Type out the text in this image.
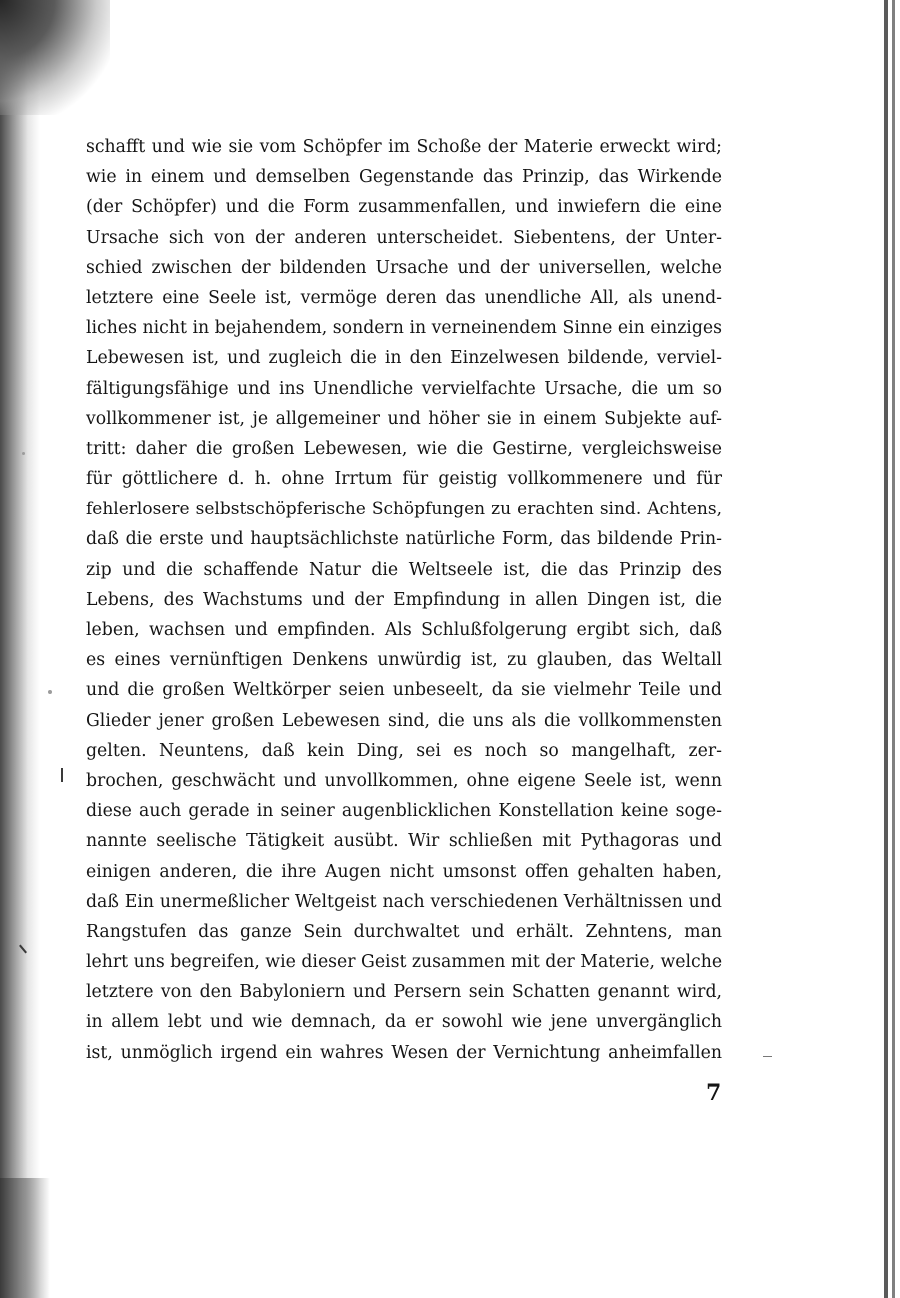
schafft und wie sie vom Schöpfer im Schoße der Materie erweckt wird;
wie in einem und demselben Gegenstande das Prinzip, das Wirkende
(der Schöpfer) und die Form zusammenfallen, und inwiefern die eine
Ursache sich von der anderen unterscheidet. Siebentens, der Unter-
schied zwischen der bildenden Ursache und der universellen, welche
letztere eine Seele ist, vermöge deren das unendliche All, als unend-
liches nicht in bejahendem, sondern in verneinendem Sinne ein einziges
Lebewesen ist, und zugleich die in den Einzelwesen bildende, verviel-
fältigungsfähige und ins Unendliche vervielfachte Ursache, die um so
vollkommener ist, je allgemeiner und höher sie in einem Subjekte auf-
tritt: daher die großen Lebewesen, wie die Gestirne, vergleichsweise
für göttlichere d. h. ohne Irrtum für geistig vollkommenere und für
fehlerlosere selbstschöpferische Schöpfungen zu erachten sind. Achtens,
daß die erste und hauptsächlichste natürliche Form, das bildende Prin-
zip und die schaffende Natur die Weltseele ist, die das Prinzip des
Lebens, des Wachstums und der Empfindung in allen Dingen ist, die
leben, wachsen und empfinden. Als Schlußfolgerung ergibt sich, daß
es eines vernünftigen Denkens unwürdig ist, zu glauben, das Weltall
und die großen Weltkörper seien unbeseelt, da sie vielmehr Teile und
Glieder jener großen Lebewesen sind, die uns als die vollkommensten
gelten. Neuntens, daß kein Ding, sei es noch so mangelhaft, zer-
brochen, geschwächt und unvollkommen, ohne eigene Seele ist, wenn
diese auch gerade in seiner augenblicklichen Konstellation keine soge-
nannte seelische Tätigkeit ausübt. Wir schließen mit Pythagoras und
einigen anderen, die ihre Augen nicht umsonst offen gehalten haben,
daß Ein unermeßlicher Weltgeist nach verschiedenen Verhältnissen und
Rangstufen das ganze Sein durchwaltet und erhält. Zehntens, man
lehrt uns begreifen, wie dieser Geist zusammen mit der Materie, welche
letztere von den Babyloniern und Persern sein Schatten genannt wird,
in allem lebt und wie demnach, da er sowohl wie jene unvergänglich
ist, unmöglich irgend ein wahres Wesen der Vernichtung anheimfallen
7
